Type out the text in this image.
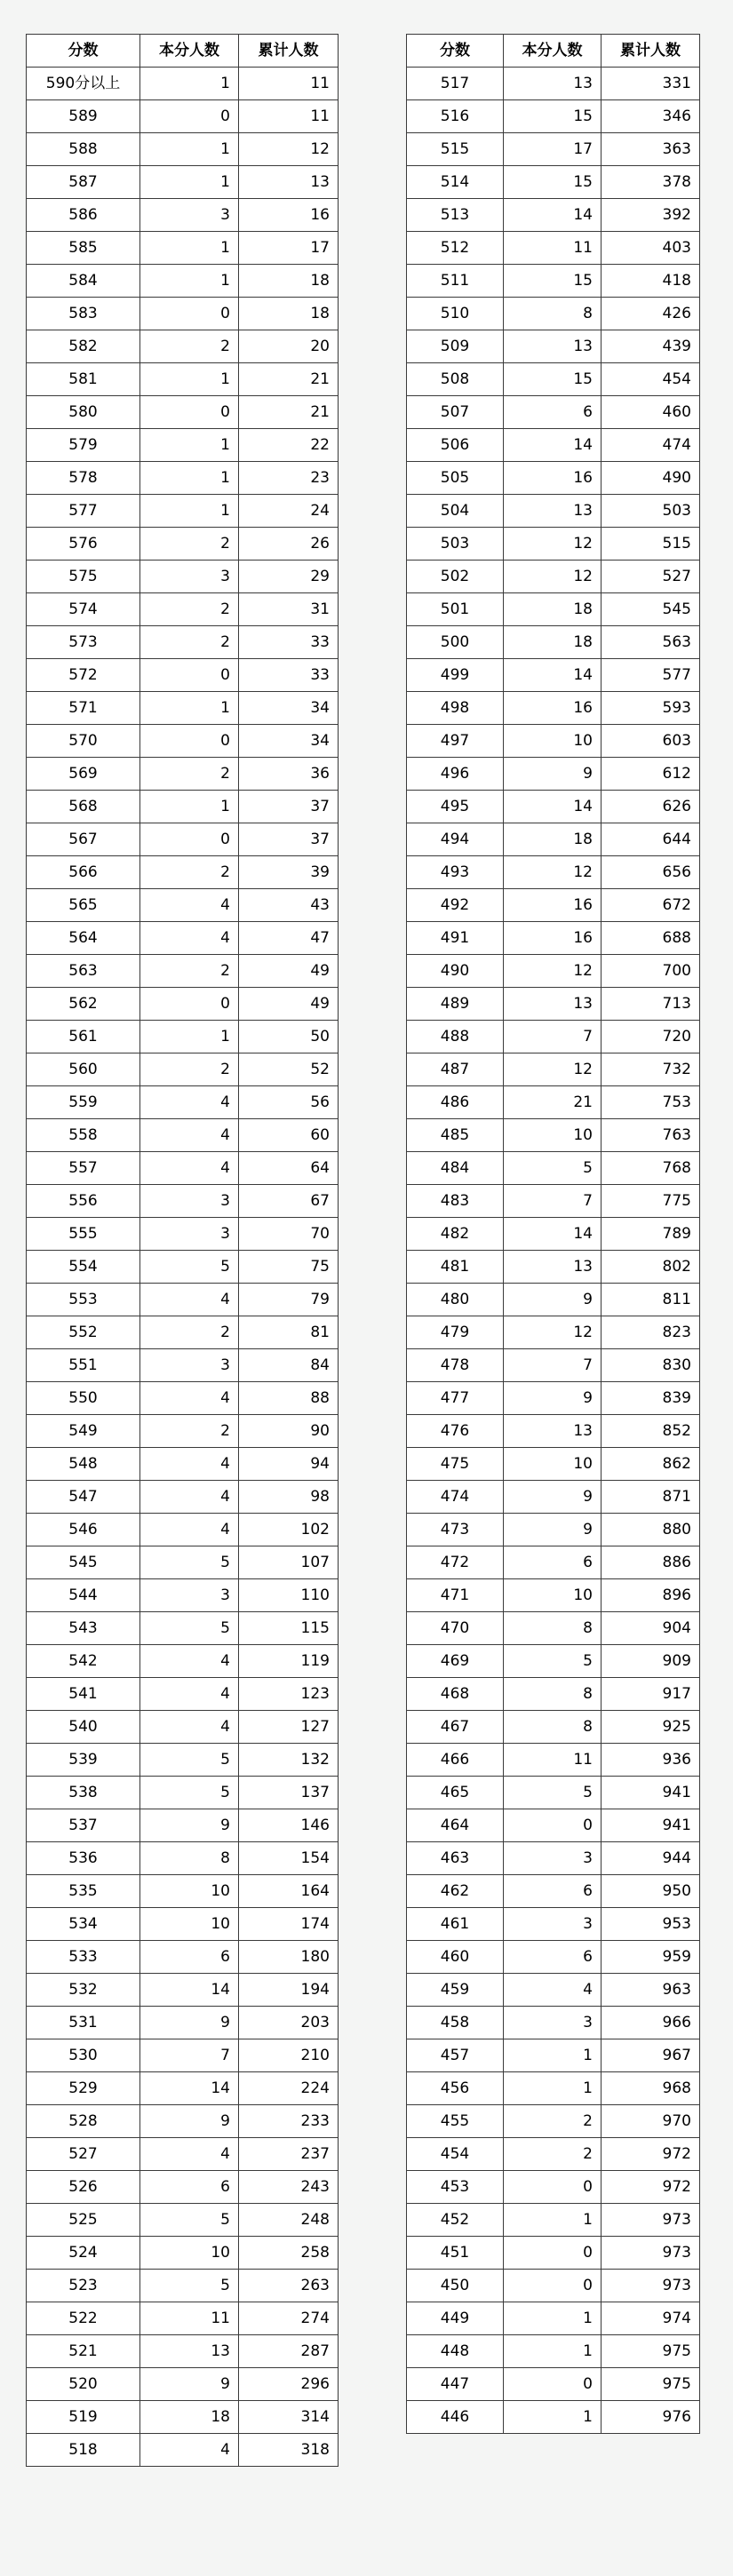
分数	本分人数	累计人数
590分以上	1	11
589	0	11
588	1	12
587	1	13
586	3	16
585	1	17
584	1	18
583	0	18
582	2	20
581	1	21
580	0	21
579	1	22
578	1	23
577	1	24
576	2	26
575	3	29
574	2	31
573	2	33
572	0	33
571	1	34
570	0	34
569	2	36
568	1	37
567	0	37
566	2	39
565	4	43
564	4	47
563	2	49
562	0	49
561	1	50
560	2	52
559	4	56
558	4	60
557	4	64
556	3	67
555	3	70
554	5	75
553	4	79
552	2	81
551	3	84
550	4	88
549	2	90
548	4	94
547	4	98
546	4	102
545	5	107
544	3	110
543	5	115
542	4	119
541	4	123
540	4	127
539	5	132
538	5	137
537	9	146
536	8	154
535	10	164
534	10	174
533	6	180
532	14	194
531	9	203
530	7	210
529	14	224
528	9	233
527	4	237
526	6	243
525	5	248
524	10	258
523	5	263
522	11	274
521	13	287
520	9	296
519	18	314
518	4	318
分数	本分人数	累计人数
517	13	331
516	15	346
515	17	363
514	15	378
513	14	392
512	11	403
511	15	418
510	8	426
509	13	439
508	15	454
507	6	460
506	14	474
505	16	490
504	13	503
503	12	515
502	12	527
501	18	545
500	18	563
499	14	577
498	16	593
497	10	603
496	9	612
495	14	626
494	18	644
493	12	656
492	16	672
491	16	688
490	12	700
489	13	713
488	7	720
487	12	732
486	21	753
485	10	763
484	5	768
483	7	775
482	14	789
481	13	802
480	9	811
479	12	823
478	7	830
477	9	839
476	13	852
475	10	862
474	9	871
473	9	880
472	6	886
471	10	896
470	8	904
469	5	909
468	8	917
467	8	925
466	11	936
465	5	941
464	0	941
463	3	944
462	6	950
461	3	953
460	6	959
459	4	963
458	3	966
457	1	967
456	1	968
455	2	970
454	2	972
453	0	972
452	1	973
451	0	973
450	0	973
449	1	974
448	1	975
447	0	975
446	1	976
